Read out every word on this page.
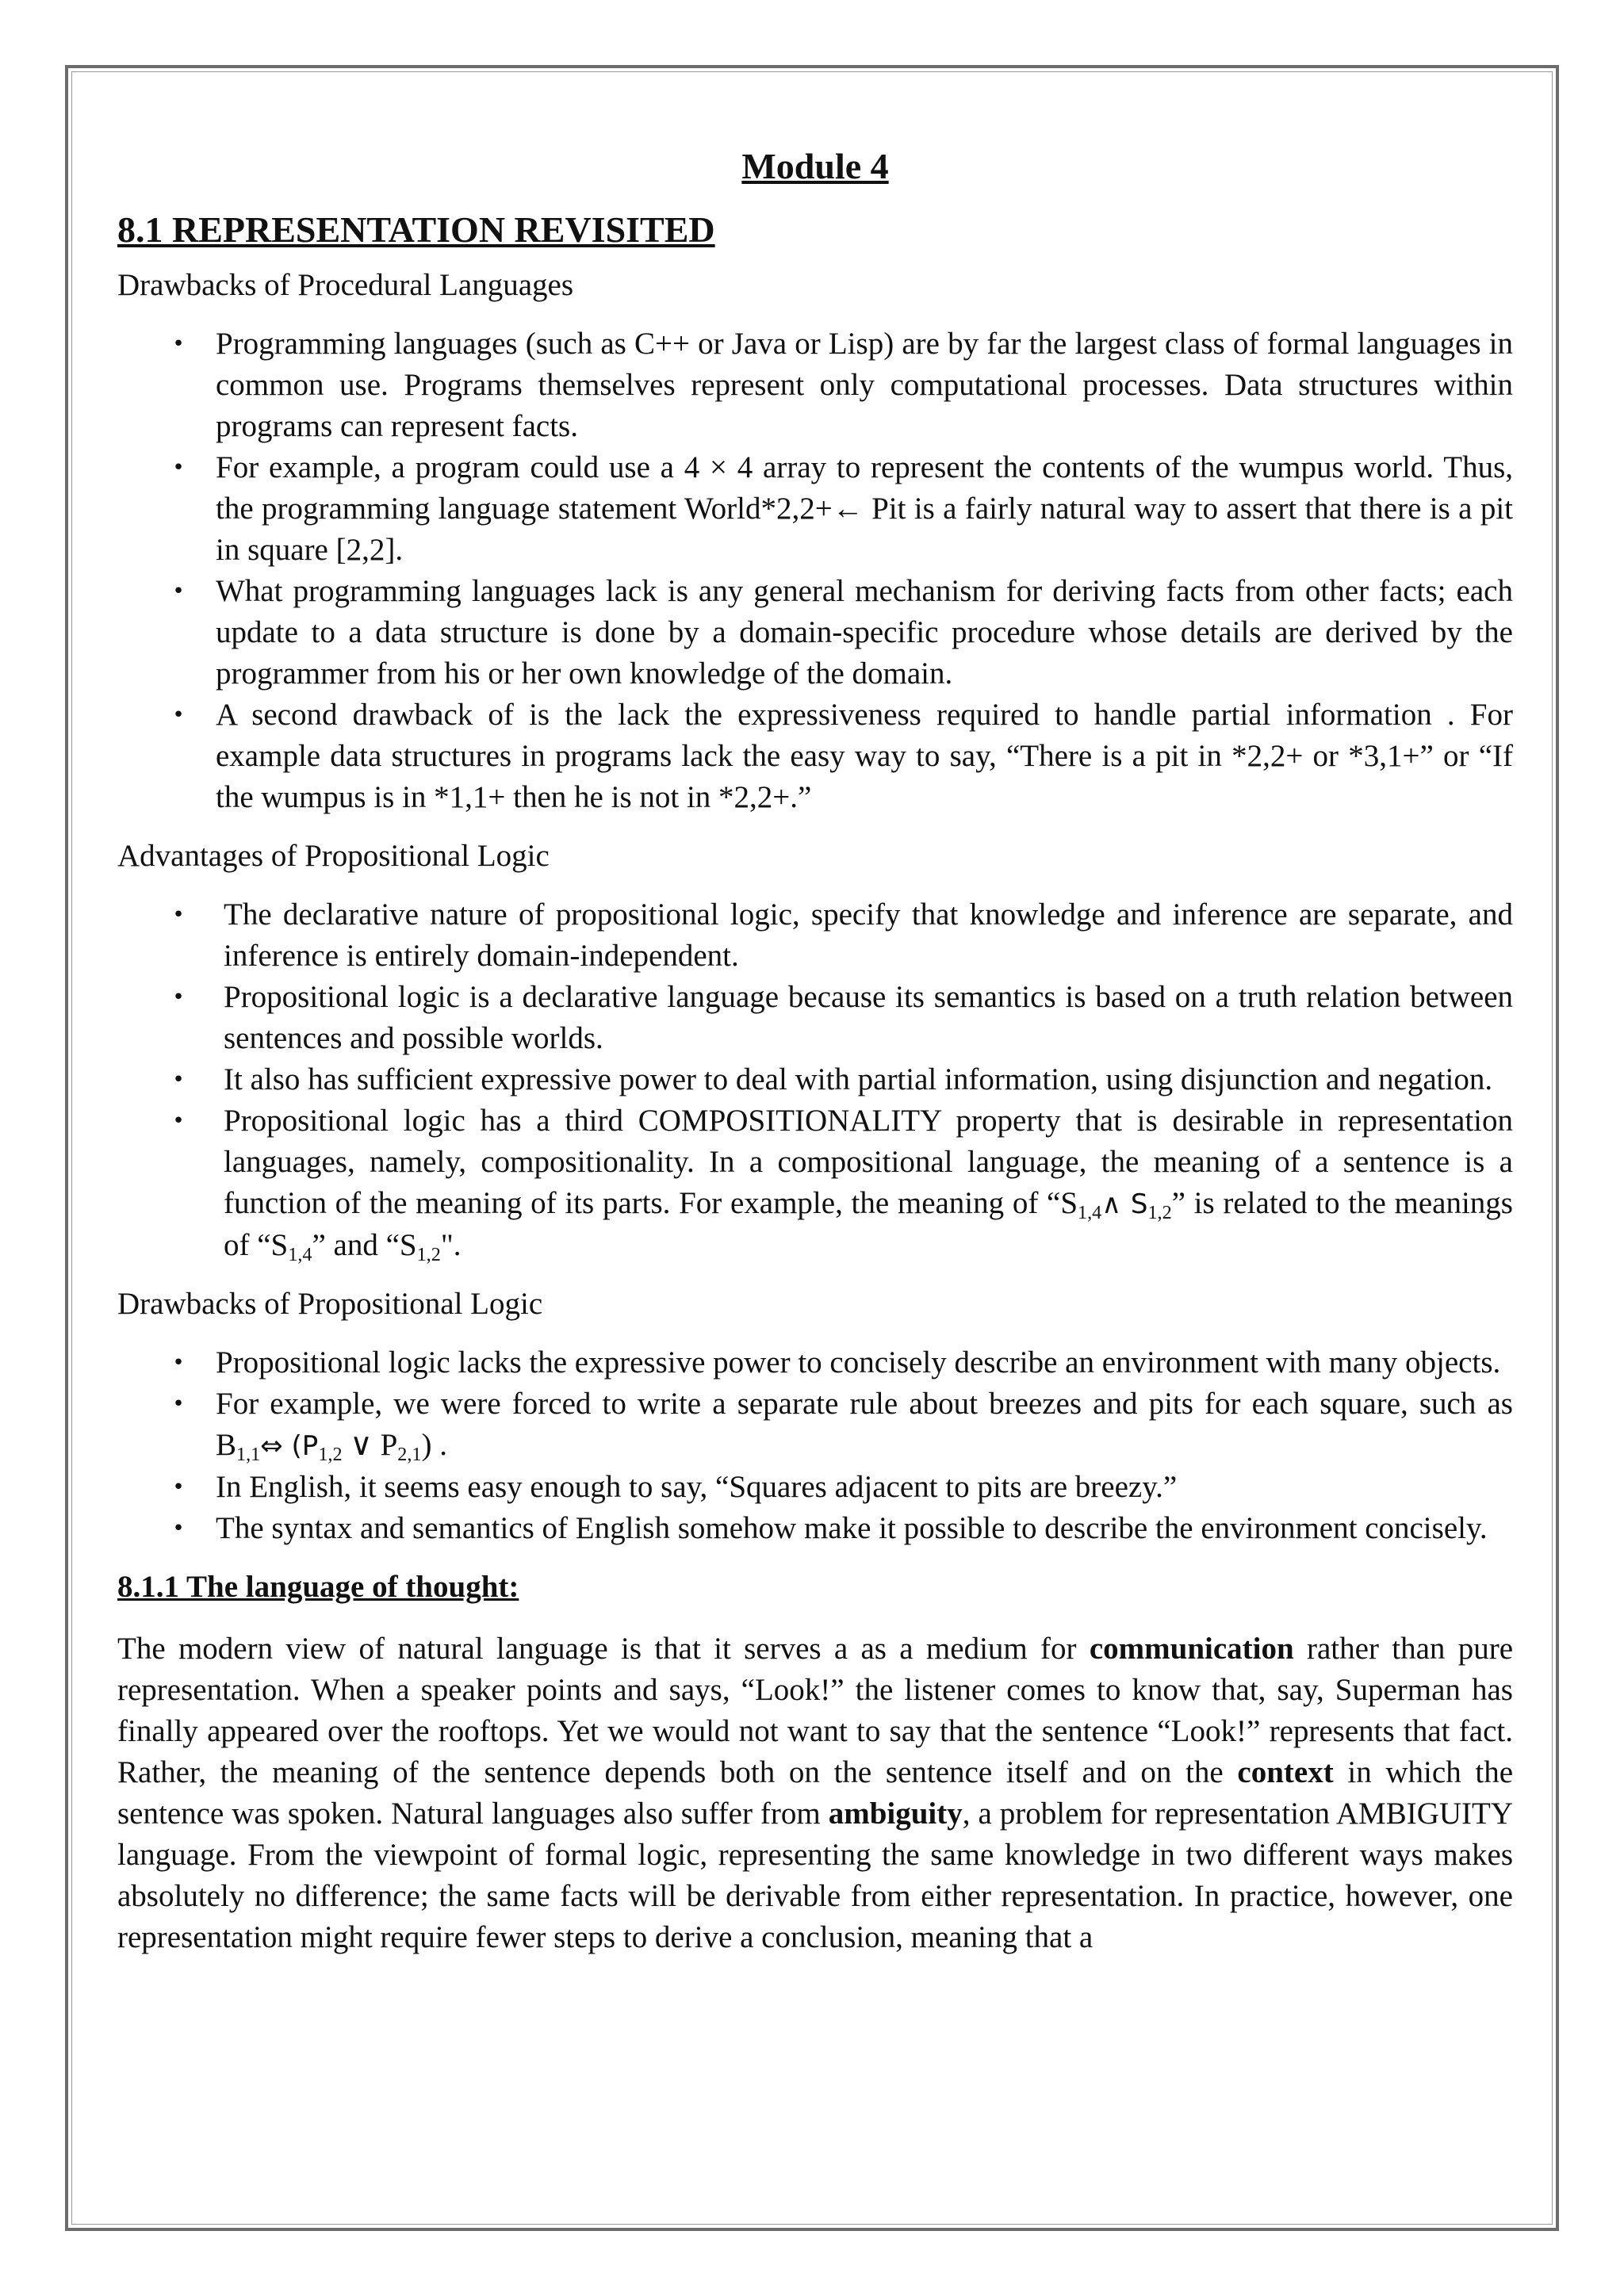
Module 4
8.1 REPRESENTATION REVISITED
Drawbacks of Procedural Languages
• Programming languages (such as C++ or Java or Lisp) are by far the largest class of formal languages in common use. Programs themselves represent only computational processes. Data structures within programs can represent facts.
• For example, a program could use a 4 × 4 array to represent the contents of the wumpus world. Thus, the programming language statement World*2,2+← Pit is a fairly natural way to assert that there is a pit in square [2,2].
• What programming languages lack is any general mechanism for deriving facts from other facts; each update to a data structure is done by a domain-specific procedure whose details are derived by the programmer from his or her own knowledge of the domain.
• A second drawback of is the lack the expressiveness required to handle partial information . For example data structures in programs lack the easy way to say, “There is a pit in *2,2+ or *3,1+” or “If the wumpus is in *1,1+ then he is not in *2,2+.”
Advantages of Propositional Logic
• The declarative nature of propositional logic, specify that knowledge and inference are separate, and inference is entirely domain-independent.
• Propositional logic is a declarative language because its semantics is based on a truth relation between sentences and possible worlds.
• It also has sufficient expressive power to deal with partial information, using disjunction and negation.
• Propositional logic has a third COMPOSITIONALITY property that is desirable in representation languages, namely, compositionality. In a compositional language, the meaning of a sentence is a function of the meaning of its parts. For example, the meaning of “$S_{1,4}\wedge$ $S_{1,2}$” is related to the meanings of “$S_{1,4}$” and “$S_{1,2}$".
Drawbacks of Propositional Logic
• Propositional logic lacks the expressive power to concisely describe an environment with many objects.
• For example, we were forced to write a separate rule about breezes and pits for each square, such as $B_{1,1}\Leftrightarrow$ ($P_{1,2}$ ∨ $P_{2,1}$) .
• In English, it seems easy enough to say, “Squares adjacent to pits are breezy.”
• The syntax and semantics of English somehow make it possible to describe the environment concisely.
8.1.1 The language of thought:

The modern view of natural language is that it serves a as a medium for communication rather than pure representation. When a speaker points and says, “Look!” the listener comes to know that, say, Superman has finally appeared over the rooftops. Yet we would not want to say that the sentence “Look!” represents that fact. Rather, the meaning of the sentence depends both on the sentence itself and on the context in which the sentence was spoken. Natural languages also suffer from ambiguity, a problem for representation AMBIGUITY language. From the viewpoint of formal logic, representing the same knowledge in two different ways makes absolutely no difference; the same facts will be derivable from either representation. In practice, however, one representation might require fewer steps to derive a conclusion, meaning that a
